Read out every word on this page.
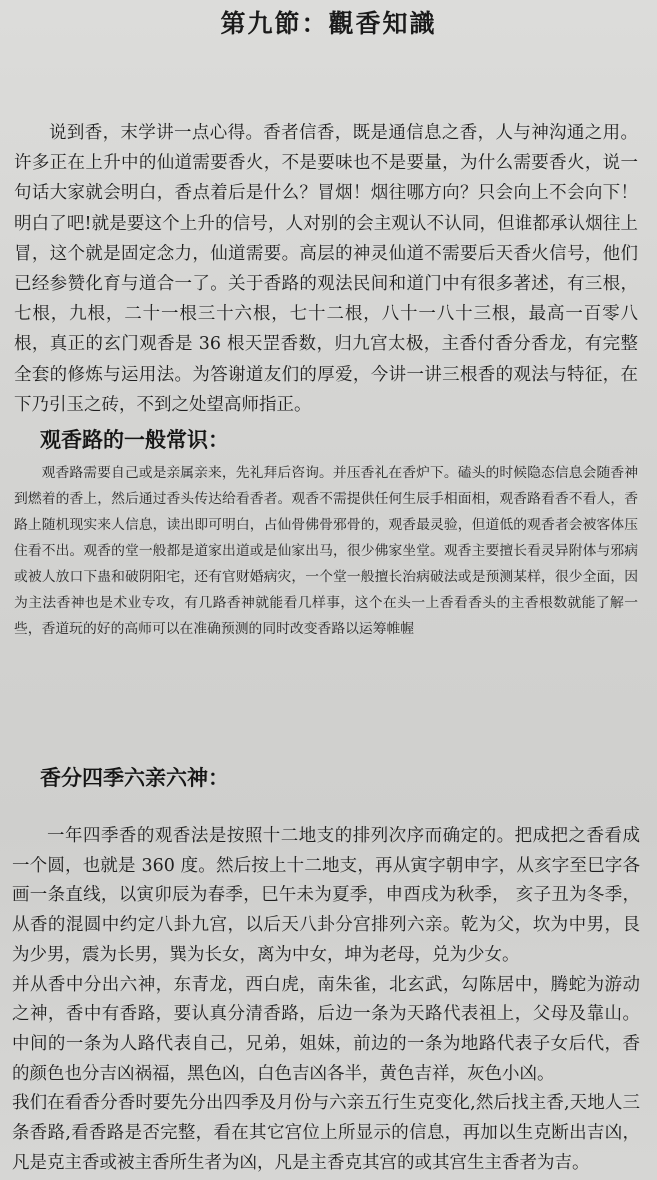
第九節：觀香知識

说到香，末学讲一点心得。香者信香，既是通信息之香，人与神沟通之用。许多正在上升中的仙道需要香火，不是要味也不是要量，为什么需要香火，说一句话大家就会明白，香点着后是什么？冒烟！烟往哪方向？只会向上不会向下！明白了吧!就是要这个上升的信号，人对别的会主观认不认同，但谁都承认烟往上冒，这个就是固定念力，仙道需要。高层的神灵仙道不需要后天香火信号，他们已经参赞化育与道合一了。关于香路的观法民间和道门中有很多著述，有三根，七根，九根，二十一根三十六根，七十二根，八十一八十三根，最高一百零八根，真正的玄门观香是 36 根天罡香数，归九宫太极，主香付香分香龙，有完整全套的修炼与运用法。为答谢道友们的厚爱，今讲一讲三根香的观法与特征，在下乃引玉之砖，不到之处望高师指正。

观香路的一般常识：

观香路需要自己或是亲属亲来，先礼拜后咨询。并压香礼在香炉下。磕头的时候隐态信息会随香神到燃着的香上，然后通过香头传达给看香者。观香不需提供任何生辰手相面相，观香路看香不看人，香路上随机现实来人信息，读出即可明白，占仙骨佛骨邪骨的，观香最灵验，但道低的观香者会被客体压住看不出。观香的堂一般都是道家出道或是仙家出马，很少佛家坐堂。观香主要擅长看灵异附体与邪病或被人放口下蛊和破阴阳宅，还有官财婚病灾，一个堂一般擅长治病破法或是预测某样，很少全面，因为主法香神也是术业专攻，有几路香神就能看几样事，这个在头一上香看香头的主香根数就能了解一些，香道玩的好的高师可以在准确预测的同时改变香路以运筹帷幄

香分四季六亲六神：
一年四季香的观香法是按照十二地支的排列次序而确定的。把成把之香看成一个圆，也就是 360 度。然后按上十二地支，再从寅字朝申字，从亥字至巳字各画一条直线，以寅卯辰为春季，巳午未为夏季，申酉戌为秋季， 亥子丑为冬季，从香的混圆中约定八卦九宫，以后天八卦分宫排列六亲。乾为父，坎为中男，艮为少男，震为长男，巽为长女，离为中女，坤为老母，兑为少女。
并从香中分出六神，东青龙，西白虎，南朱雀，北玄武，勾陈居中，腾蛇为游动之神，香中有香路，要认真分清香路，后边一条为天路代表祖上，父母及靠山。中间的一条为人路代表自己，兄弟，姐妹，前边的一条为地路代表子女后代，香的颜色也分吉凶祸福，黑色凶，白色吉凶各半，黄色吉祥，灰色小凶。
我们在看香分香时要先分出四季及月份与六亲五行生克变化,然后找主香,天地人三条香路,看香路是否完整，看在其它宫位上所显示的信息，再加以生克断出吉凶，凡是克主香或被主香所生者为凶，凡是主香克其宫的或其宫生主香者为吉。
